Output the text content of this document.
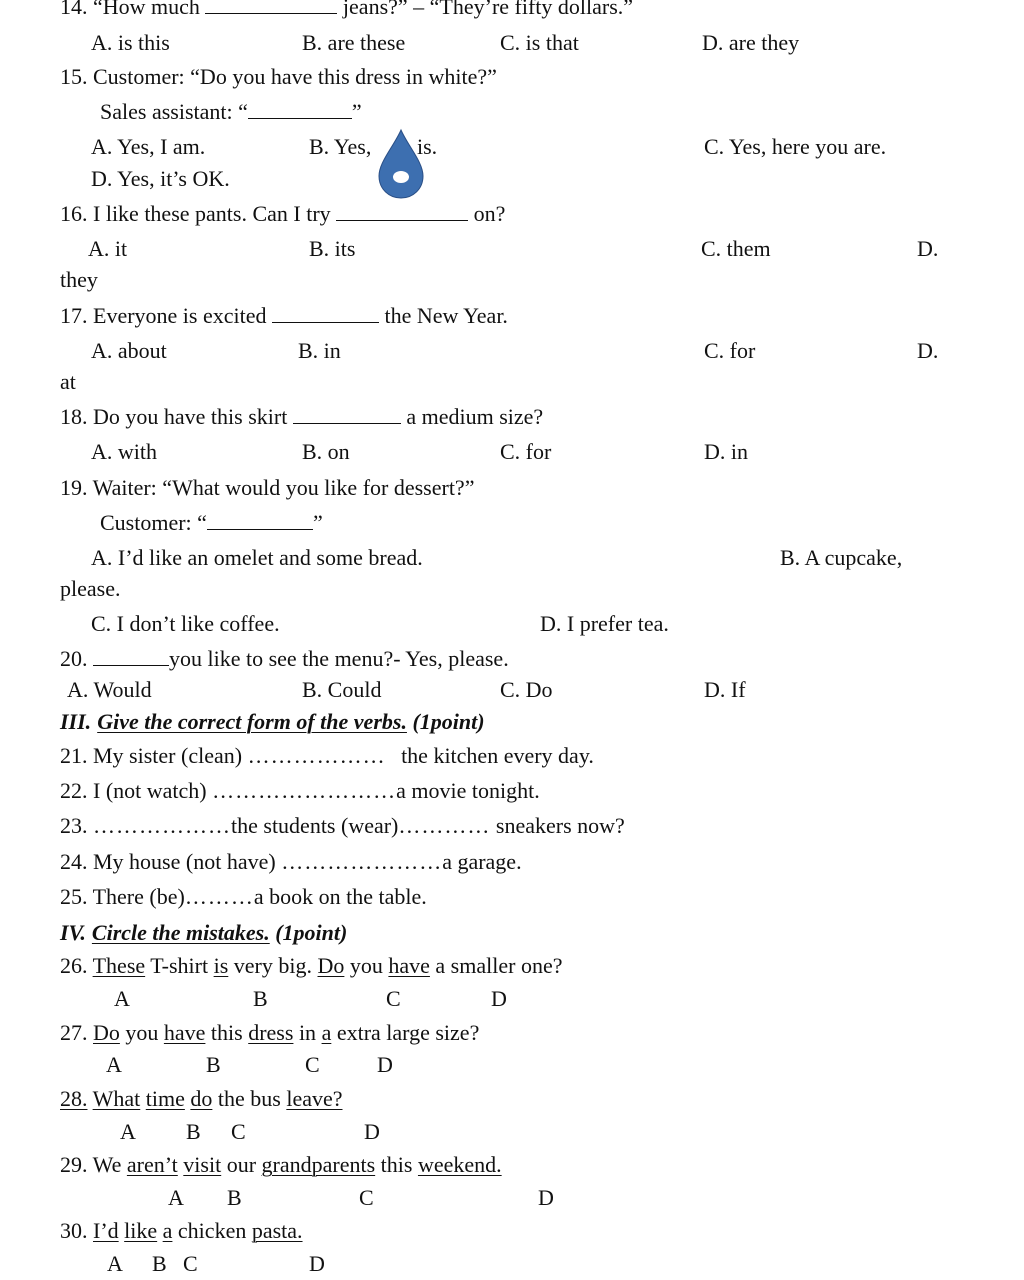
14. “How much	jeans?” – “They’re fifty dollars.”
A. is this	B. are these	C. is that	D. are they
15. Customer: “Do you have this dress in white?”
Sales assistant: “	”
A. Yes, I am.	B. Yes, is.	C. Yes, here you are.
D. Yes, it’s OK.
16. I like these pants. Can I try	on?
A. it	B. its	C. them	D.
they
17. Everyone is excited	the New Year.
A. about	B. in	C. for	D.
at
18. Do you have this skirt	a medium size?
A. with	B. on	C. for	D. in
19. Waiter: “What would you like for dessert?”
Customer: “	”
A. I’d like an omelet and some bread.	B. A cupcake,
please.
C. I don’t like coffee.	D. I prefer tea.
20.	you like to see the menu?- Yes, please.
A. Would	B. Could	C. Do	D. If
III. Give the correct form of the verbs. (1point)
21. My sister (clean) ……………… the kitchen every day.
22. I (not watch) ……………………a movie tonight.
23. ………………the students (wear)………… sneakers now?
24. My house (not have) …………………a garage.
25. There (be)………a book on the table.
IV. Circle the mistakes. (1point)
26. These T-shirt is very big. Do you have a smaller one?
A	B	C	D
27. Do you have this dress in a extra large size?
A	B	C	D
28. What time do the bus leave?
A B C	D
29. We aren’t visit our grandparents this weekend.
A B	C	D
30. I’d like a chicken pasta.
A B C	D
